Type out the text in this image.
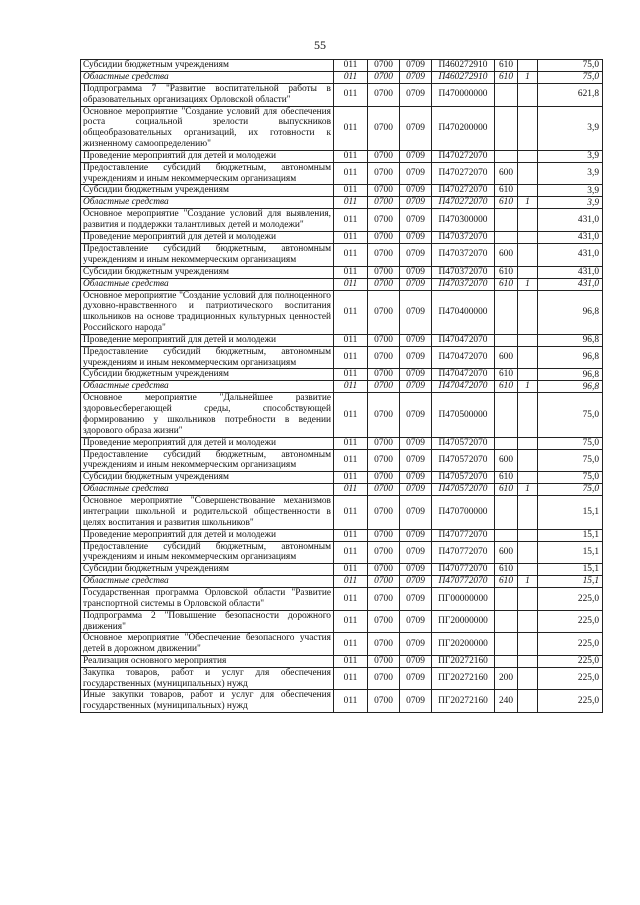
55
Субсидии бюджетным учреждениям	011	0700	0709	П460272910	610		75,0
Областные средства	011	0700	0709	П460272910	610	1	75,0
Подпрограмма 7 "Развитие воспитательной работы в образовательных организациях Орловской области"	011	0700	0709	П470000000			621,8
Основное мероприятие "Создание условий для обеспечения роста социальной зрелости выпускников общеобразовательных организаций, их готовности к жизненному самоопределению"	011	0700	0709	П470200000			3,9
Проведение мероприятий для детей и молодежи	011	0700	0709	П470272070			3,9
Предоставление субсидий бюджетным, автономным учреждениям и иным некоммерческим организациям	011	0700	0709	П470272070	600		3,9
Субсидии бюджетным учреждениям	011	0700	0709	П470272070	610		3,9
Областные средства	011	0700	0709	П470272070	610	1	3,9
Основное мероприятие "Создание условий для выявления, развития и поддержки талантливых детей и молодежи"	011	0700	0709	П470300000			431,0
Проведение мероприятий для детей и молодежи	011	0700	0709	П470372070			431,0
Предоставление субсидий бюджетным, автономным учреждениям и иным некоммерческим организациям	011	0700	0709	П470372070	600		431,0
Субсидии бюджетным учреждениям	011	0700	0709	П470372070	610		431,0
Областные средства	011	0700	0709	П470372070	610	1	431,0
Основное мероприятие "Создание условий для полноценного духовно-нравственного и патриотического воспитания школьников на основе традиционных культурных ценностей Российского народа"	011	0700	0709	П470400000			96,8
Проведение мероприятий для детей и молодежи	011	0700	0709	П470472070			96,8
Предоставление субсидий бюджетным, автономным учреждениям и иным некоммерческим организациям	011	0700	0709	П470472070	600		96,8
Субсидии бюджетным учреждениям	011	0700	0709	П470472070	610		96,8
Областные средства	011	0700	0709	П470472070	610	1	96,8
Основное мероприятие "Дальнейшее развитие здоровьесберегающей среды, способствующей формированию у школьников потребности в ведении здорового образа жизни"	011	0700	0709	П470500000			75,0
Проведение мероприятий для детей и молодежи	011	0700	0709	П470572070			75,0
Предоставление субсидий бюджетным, автономным учреждениям и иным некоммерческим организациям	011	0700	0709	П470572070	600		75,0
Субсидии бюджетным учреждениям	011	0700	0709	П470572070	610		75,0
Областные средства	011	0700	0709	П470572070	610	1	75,0
Основное мероприятие "Совершенствование механизмов интеграции школьной и родительской общественности в целях воспитания и развития школьников"	011	0700	0709	П470700000			15,1
Проведение мероприятий для детей и молодежи	011	0700	0709	П470772070			15,1
Предоставление субсидий бюджетным, автономным учреждениям и иным некоммерческим организациям	011	0700	0709	П470772070	600		15,1
Субсидии бюджетным учреждениям	011	0700	0709	П470772070	610		15,1
Областные средства	011	0700	0709	П470772070	610	1	15,1
Государственная программа Орловской области "Развитие транспортной системы в Орловской области"	011	0700	0709	ПГ00000000			225,0
Подпрограмма 2 "Повышение безопасности дорожного движения"	011	0700	0709	ПГ20000000			225,0
Основное мероприятие "Обеспечение безопасного участия детей в дорожном движении"	011	0700	0709	ПГ20200000			225,0
Реализация основного мероприятия	011	0700	0709	ПГ20272160			225,0
Закупка товаров, работ и услуг для обеспечения государственных (муниципальных) нужд	011	0700	0709	ПГ20272160	200		225,0
Иные закупки товаров, работ и услуг для обеспечения государственных (муниципальных) нужд	011	0700	0709	ПГ20272160	240		225,0
